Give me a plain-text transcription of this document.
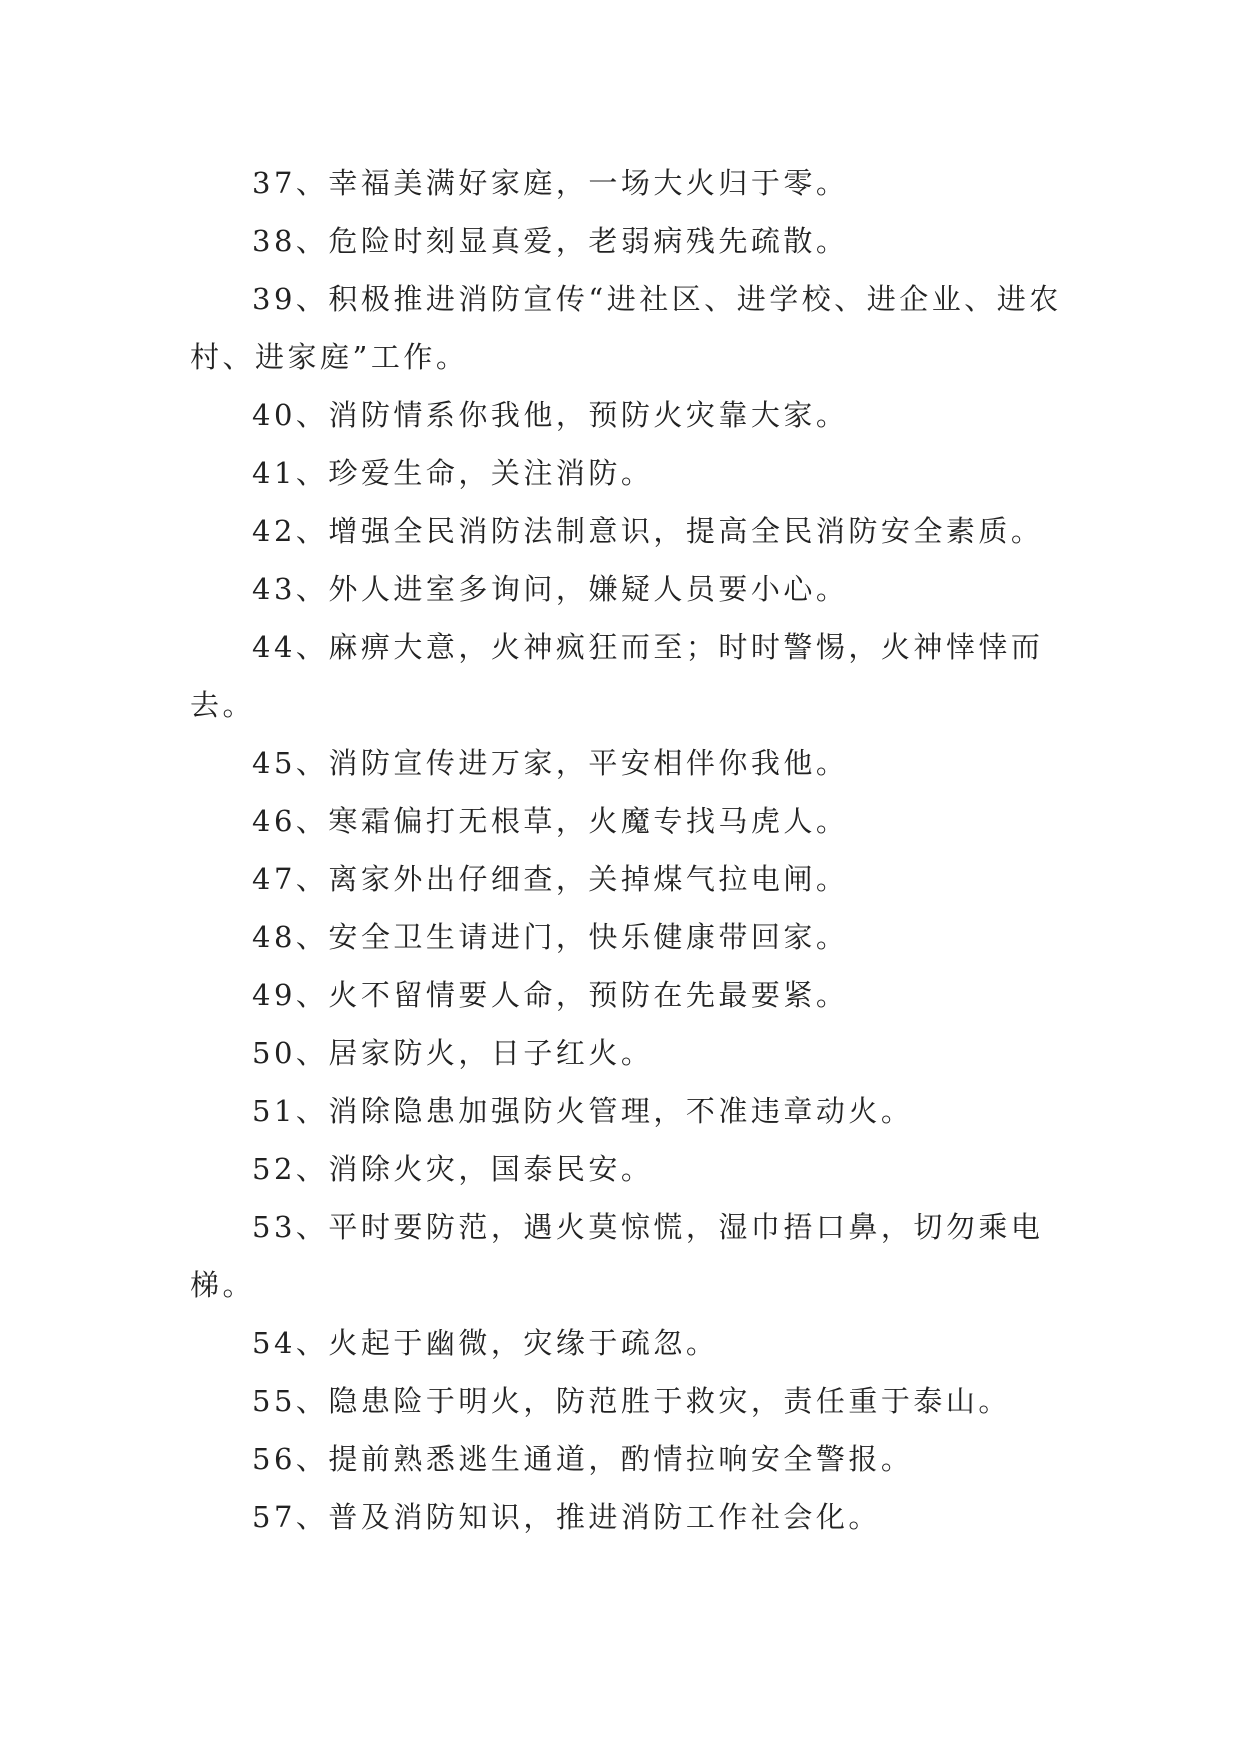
37、幸福美满好家庭，一场大火归于零。

38、危险时刻显真爱，老弱病残先疏散。

39、积极推进消防宣传“进社区、进学校、进企业、进农村、进家庭”工作。

40、消防情系你我他，预防火灾靠大家。

41、珍爱生命，关注消防。

42、增强全民消防法制意识，提高全民消防安全素质。

43、外人进室多询问，嫌疑人员要小心。

44、麻痹大意，火神疯狂而至；时时警惕，火神悻悻而去。

45、消防宣传进万家，平安相伴你我他。

46、寒霜偏打无根草，火魔专找马虎人。

47、离家外出仔细查，关掉煤气拉电闸。

48、安全卫生请进门，快乐健康带回家。

49、火不留情要人命，预防在先最要紧。

50、居家防火，日子红火。

51、消除隐患加强防火管理，不准违章动火。

52、消除火灾，国泰民安。

53、平时要防范，遇火莫惊慌，湿巾捂口鼻，切勿乘电梯。

54、火起于幽微，灾缘于疏忽。

55、隐患险于明火，防范胜于救灾，责任重于泰山。

56、提前熟悉逃生通道，酌情拉响安全警报。

57、普及消防知识，推进消防工作社会化。
